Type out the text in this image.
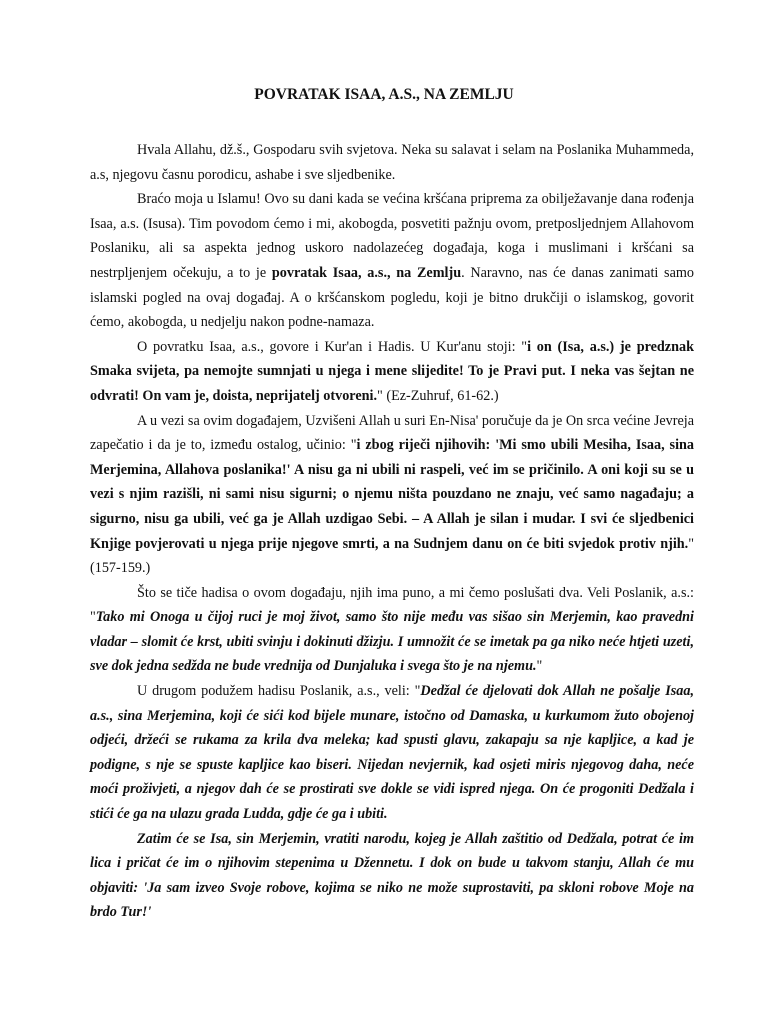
POVRATAK ISAA, A.S., NA ZEMLJU

Hvala Allahu, dž.š., Gospodaru svih svjetova. Neka su salavat i selam na Poslanika Muhammeda, a.s, njegovu časnu porodicu, ashabe i sve sljedbenike.

Braćo moja u Islamu! Ovo su dani kada se većina kršćana priprema za obilježavanje dana rođenja Isaa, a.s. (Isusa). Tim povodom ćemo i mi, akobogda, posvetiti pažnju ovom, pretposljednjem Allahovom Poslaniku, ali sa aspekta jednog uskoro nadolazećeg događaja, koga i muslimani i kršćani sa nestrpljenjem očekuju, a to je povratak Isaa, a.s., na Zemlju. Naravno, nas će danas zanimati samo islamski pogled na ovaj događaj. A o kršćanskom pogledu, koji je bitno drukčiji o islamskog, govorit ćemo, akobogda, u nedjelju nakon podne-namaza.

O povratku Isaa, a.s., govore i Kur'an i Hadis. U Kur'anu stoji: "i on (Isa, a.s.) je predznak Smaka svijeta, pa nemojte sumnjati u njega i mene slijedite! To je Pravi put. I neka vas šejtan ne odvrati! On vam je, doista, neprijatelj otvoreni." (Ez-Zuhruf, 61-62.)

A u vezi sa ovim događajem, Uzvišeni Allah u suri En-Nisa' poručuje da je On srca većine Jevreja zapečatio i da je to, između ostalog, učinio: "i zbog riječi njihovih: 'Mi smo ubili Mesiha, Isaa, sina Merjemina, Allahova poslanika!' A nisu ga ni ubili ni raspeli, već im se pričinilo. A oni koji su se u vezi s njim razišli, ni sami nisu sigurni; o njemu ništa pouzdano ne znaju, već samo nagađaju; a sigurno, nisu ga ubili, već ga je Allah uzdigao Sebi. – A Allah je silan i mudar. I svi će sljedbenici Knjige povjerovati u njega prije njegove smrti, a na Sudnjem danu on će biti svjedok protiv njih." (157-159.)

Što se tiče hadisa o ovom događaju, njih ima puno, a mi čemo poslušati dva. Veli Poslanik, a.s.: "Tako mi Onoga u čijoj ruci je moj život, samo što nije među vas sišao sin Merjemin, kao pravedni vladar – slomit će krst, ubiti svinju i dokinuti džizju. I umnožit će se imetak pa ga niko neće htjeti uzeti, sve dok jedna sedžda ne bude vrednija od Dunjaluka i svega što je na njemu."

U drugom podužem hadisu Poslanik, a.s., veli: "Dedžal će djelovati dok Allah ne pošalje Isaa, a.s., sina Merjemina, koji će sići kod bijele munare, istočno od Damaska, u kurkumom žuto obojenoj odjeći, držeći se rukama za krila dva meleka; kad spusti glavu, zakapaju sa nje kapljice, a kad je podigne, s nje se spuste kapljice kao biseri. Nijedan nevjernik, kad osjeti miris njegovog daha, neće moći proživjeti, a njegov dah će se prostirati sve dokle se vidi ispred njega. On će progoniti Dedžala i stići će ga na ulazu grada Ludda, gdje će ga i ubiti.

Zatim će se Isa, sin Merjemin, vratiti narodu, kojeg je Allah zaštitio od Dedžala, potrat će im lica i pričat će im o njihovim stepenima u Džennetu. I dok on bude u takvom stanju, Allah će mu objaviti: 'Ja sam izveo Svoje robove, kojima se niko ne može suprostaviti, pa skloni robove Moje na brdo Tur!'
